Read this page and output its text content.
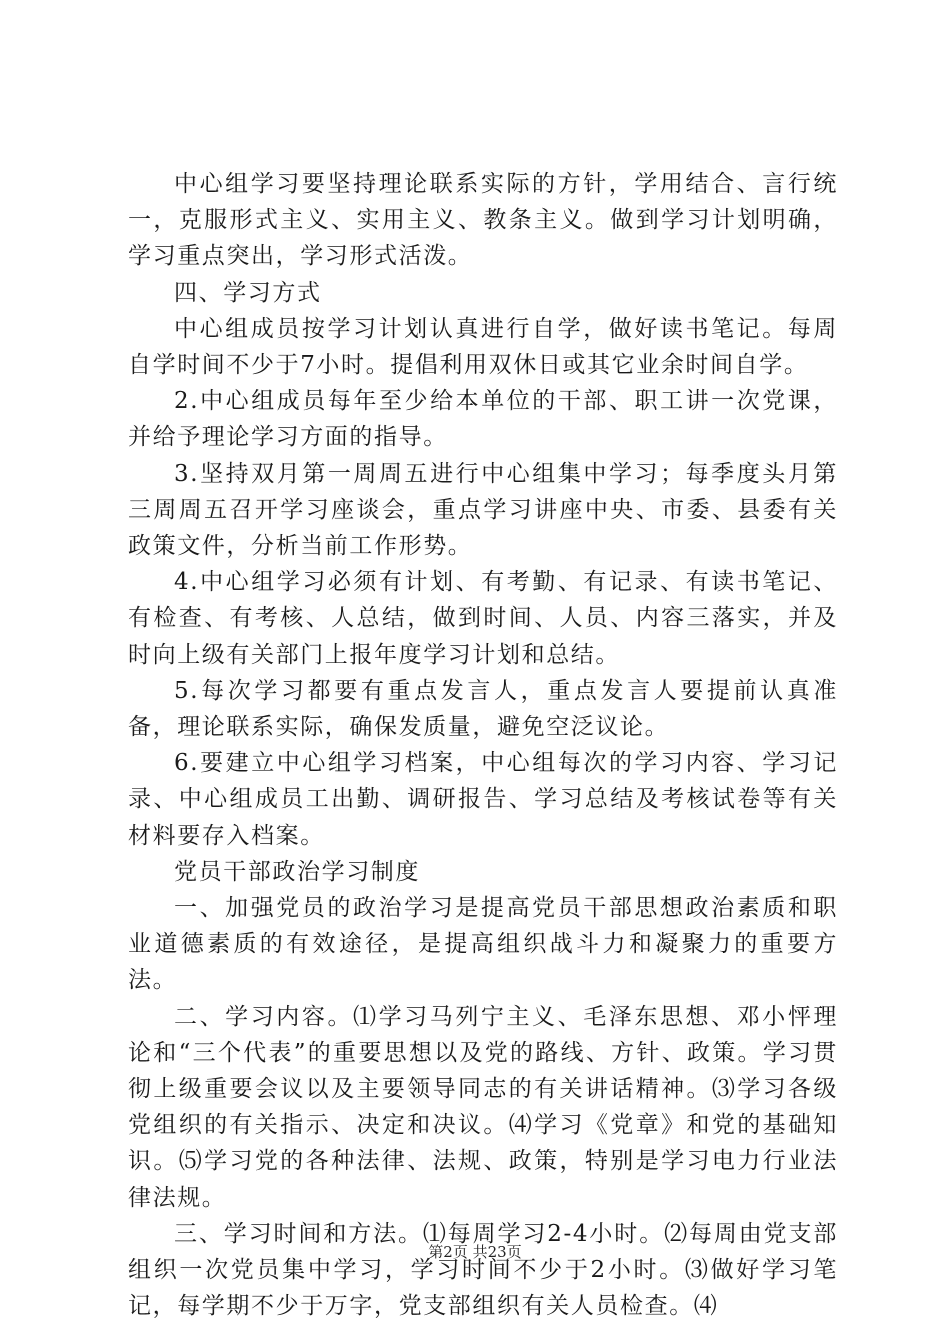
中心组学习要坚持理论联系实际的方针，学用结合、言行统一，克服形式主义、实用主义、教条主义。做到学习计划明确，学习重点突出，学习形式活泼。

四、学习方式

中心组成员按学习计划认真进行自学，做好读书笔记。每周自学时间不少于7小时。提倡利用双休日或其它业余时间自学。

2.中心组成员每年至少给本单位的干部、职工讲一次党课，并给予理论学习方面的指导。

3.坚持双月第一周周五进行中心组集中学习；每季度头月第三周周五召开学习座谈会，重点学习讲座中央、市委、县委有关政策文件，分析当前工作形势。

4.中心组学习必须有计划、有考勤、有记录、有读书笔记、有检查、有考核、人总结，做到时间、人员、内容三落实，并及时向上级有关部门上报年度学习计划和总结。

5.每次学习都要有重点发言人，重点发言人要提前认真准备，理论联系实际，确保发质量，避免空泛议论。

6.要建立中心组学习档案，中心组每次的学习内容、学习记录、中心组成员工出勤、调研报告、学习总结及考核试卷等有关材料要存入档案。

党员干部政治学习制度

一、加强党员的政治学习是提高党员干部思想政治素质和职业道德素质的有效途径，是提高组织战斗力和凝聚力的重要方法。

二、学习内容。⑴学习马列宁主义、毛泽东思想、邓小怦理论和“三个代表”的重要思想以及党的路线、方针、政策。学习贯彻上级重要会议以及主要领导同志的有关讲话精神。⑶学习各级党组织的有关指示、决定和决议。⑷学习《党章》和党的基础知识。⑸学习党的各种法律、法规、政策，特别是学习电力行业法律法规。

三、学习时间和方法。⑴每周学习2-4小时。⑵每周由党支部组织一次党员集中学习，学习时间不少于2小时。⑶做好学习笔记，每学期不少于万字，党支部组织有关人员检查。⑷

第2页 共23页
